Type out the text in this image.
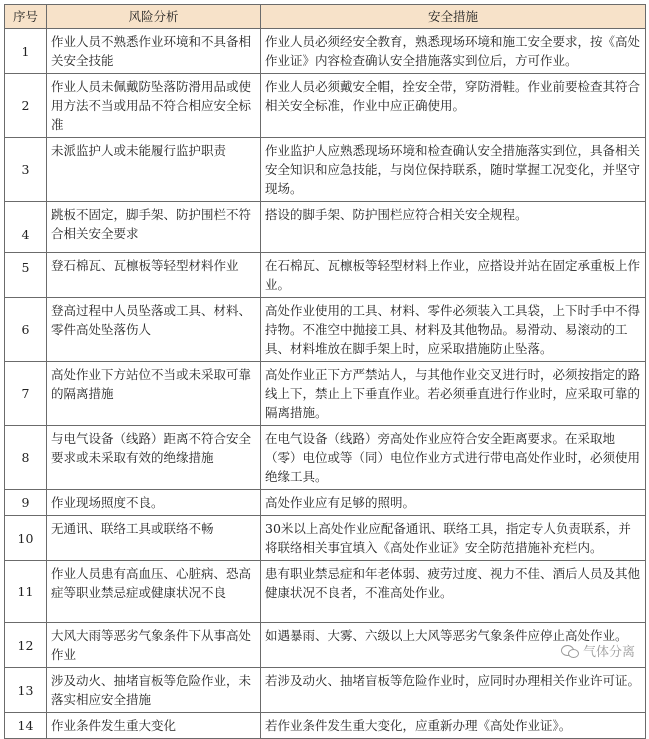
序号	风险分析	安全措施
1	作业人员不熟悉作业环境和不具备相关安全技能	作业人员必须经安全教育，熟悉现场环境和施工安全要求，按《高处作业证》内容检查确认安全措施落实到位后，方可作业。
2	作业人员未佩戴防坠落防滑用品或使用方法不当或用品不符合相应安全标准	作业人员必须戴安全帽，拴安全带，穿防滑鞋。作业前要检查其符合相关安全标准，作业中应正确使用。
3	未派监护人或未能履行监护职责	作业监护人应熟悉现场环境和检查确认安全措施落实到位，具备相关安全知识和应急技能，与岗位保持联系，随时掌握工况变化，并坚守现场。
4	跳板不固定，脚手架、防护围栏不符合相关安全要求	搭设的脚手架、防护围栏应符合相关安全规程。
5	登石棉瓦、瓦檩板等轻型材料作业	在石棉瓦、瓦檩板等轻型材料上作业，应搭设并站在固定承重板上作业。
6	登高过程中人员坠落或工具、材料、零件高处坠落伤人	高处作业使用的工具、材料、零件必须装入工具袋，上下时手中不得持物。不准空中抛接工具、材料及其他物品。易滑动、易滚动的工具、材料堆放在脚手架上时，应采取措施防止坠落。
7	高处作业下方站位不当或未采取可靠的隔离措施	高处作业正下方严禁站人，与其他作业交叉进行时，必须按指定的路线上下，禁止上下垂直作业。若必须垂直进行作业时，应采取可靠的隔离措施。
8	与电气设备（线路）距离不符合安全要求或未采取有效的绝缘措施	在电气设备（线路）旁高处作业应符合安全距离要求。在采取地（零）电位或等（同）电位作业方式进行带电高处作业时，必须使用绝缘工具。
9	作业现场照度不良。	高处作业应有足够的照明。
10	无通讯、联络工具或联络不畅	30米以上高处作业应配备通讯、联络工具，指定专人负责联系，并将联络相关事宜填入《高处作业证》安全防范措施补充栏内。
11	作业人员患有高血压、心脏病、恐高症等职业禁忌症或健康状况不良	患有职业禁忌症和年老体弱、疲劳过度、视力不佳、酒后人员及其他健康状况不良者，不准高处作业。
12	大风大雨等恶劣气象条件下从事高处作业	如遇暴雨、大雾、六级以上大风等恶劣气象条件应停止高处作业。
13	涉及动火、抽堵盲板等危险作业，未落实相应安全措施	若涉及动火、抽堵盲板等危险作业时，应同时办理相关作业许可证。
14	作业条件发生重大变化	若作业条件发生重大变化，应重新办理《高处作业证》。
气体分离
